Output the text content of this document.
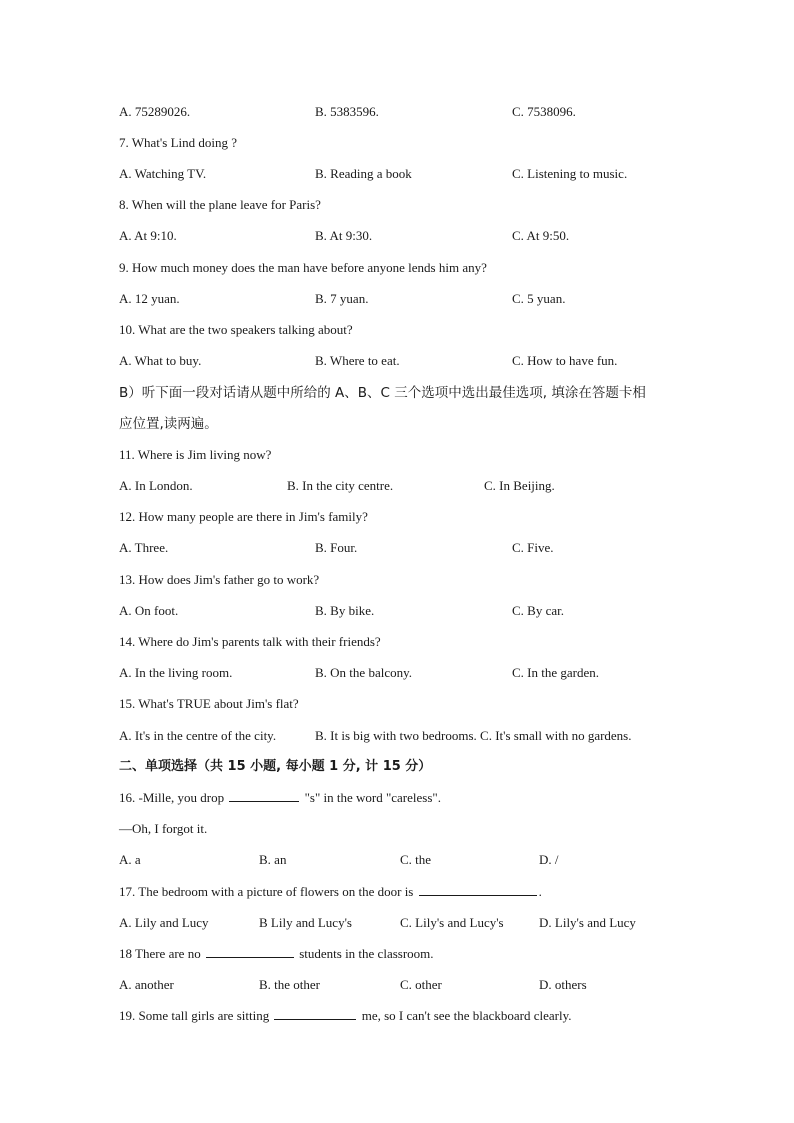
A. 75289026.	B. 5383596.	C. 7538096.
7. What's Lind doing ?
A. Watching TV.	B. Reading a book	C. Listening to music.
8. When will the plane leave for Paris?
A. At 9:10.	B. At 9:30.	C. At 9:50.
9. How much money does the man have before anyone lends him any?
A. 12 yuan.	B. 7 yuan.	C. 5 yuan.
10. What are the two speakers talking about?
A. What to buy.	B. Where to eat.	C. How to have fun.
B）听下面一段对话请从题中所给的 A、B、C 三个选项中选出最佳选项, 填涂在答题卡相
应位置,读两遍。
11. Where is Jim living now?
A. In London.	B. In the city centre.	C. In Beijing.
12. How many people are there in Jim's family?
A. Three.	B. Four.	C. Five.
13. How does Jim's father go to work?
A. On foot.	B. By bike.	C. By car.
14. Where do Jim's parents talk with their friends?
A. In the living room.	B. On the balcony.	C. In the garden.
15. What's TRUE about Jim's flat?
A. It's in the centre of the city.	B. It is big with two bedrooms. C. It's small with no gardens.
二、单项选择（共 15 小题, 每小题 1 分, 计 15 分）
16. -Mille, you drop	"s" in the word "careless".
—Oh, I forgot it.
A. a	B. an	C. the	D. /
17. The bedroom with a picture of flowers on the door is	.
A. Lily and Lucy	B Lily and Lucy's	C. Lily's and Lucy's	D. Lily's and Lucy
18 There are no	students in the classroom.
A. another	B. the other	C. other	D. others
19. Some tall girls are sitting	me, so I can't see the blackboard clearly.
